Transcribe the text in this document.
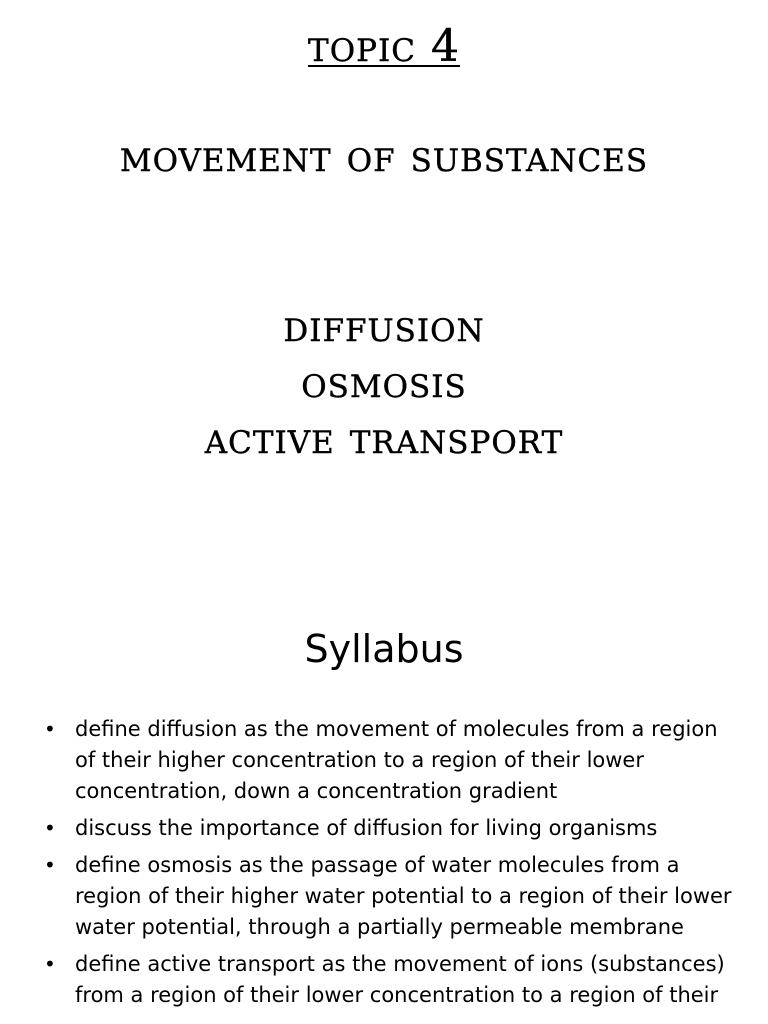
topic 4
movement of substances
diffusion
osmosis
active transport
Syllabus
• define diffusion as the movement of molecules from a region of their higher concentration to a region of their lower concentration, down a concentration gradient
• discuss the importance of diffusion for living organisms
• define osmosis as the passage of water molecules from a region of their higher water potential to a region of their lower water potential, through a partially permeable membrane
• define active transport as the movement of ions (substances) from a region of their lower concentration to a region of their
